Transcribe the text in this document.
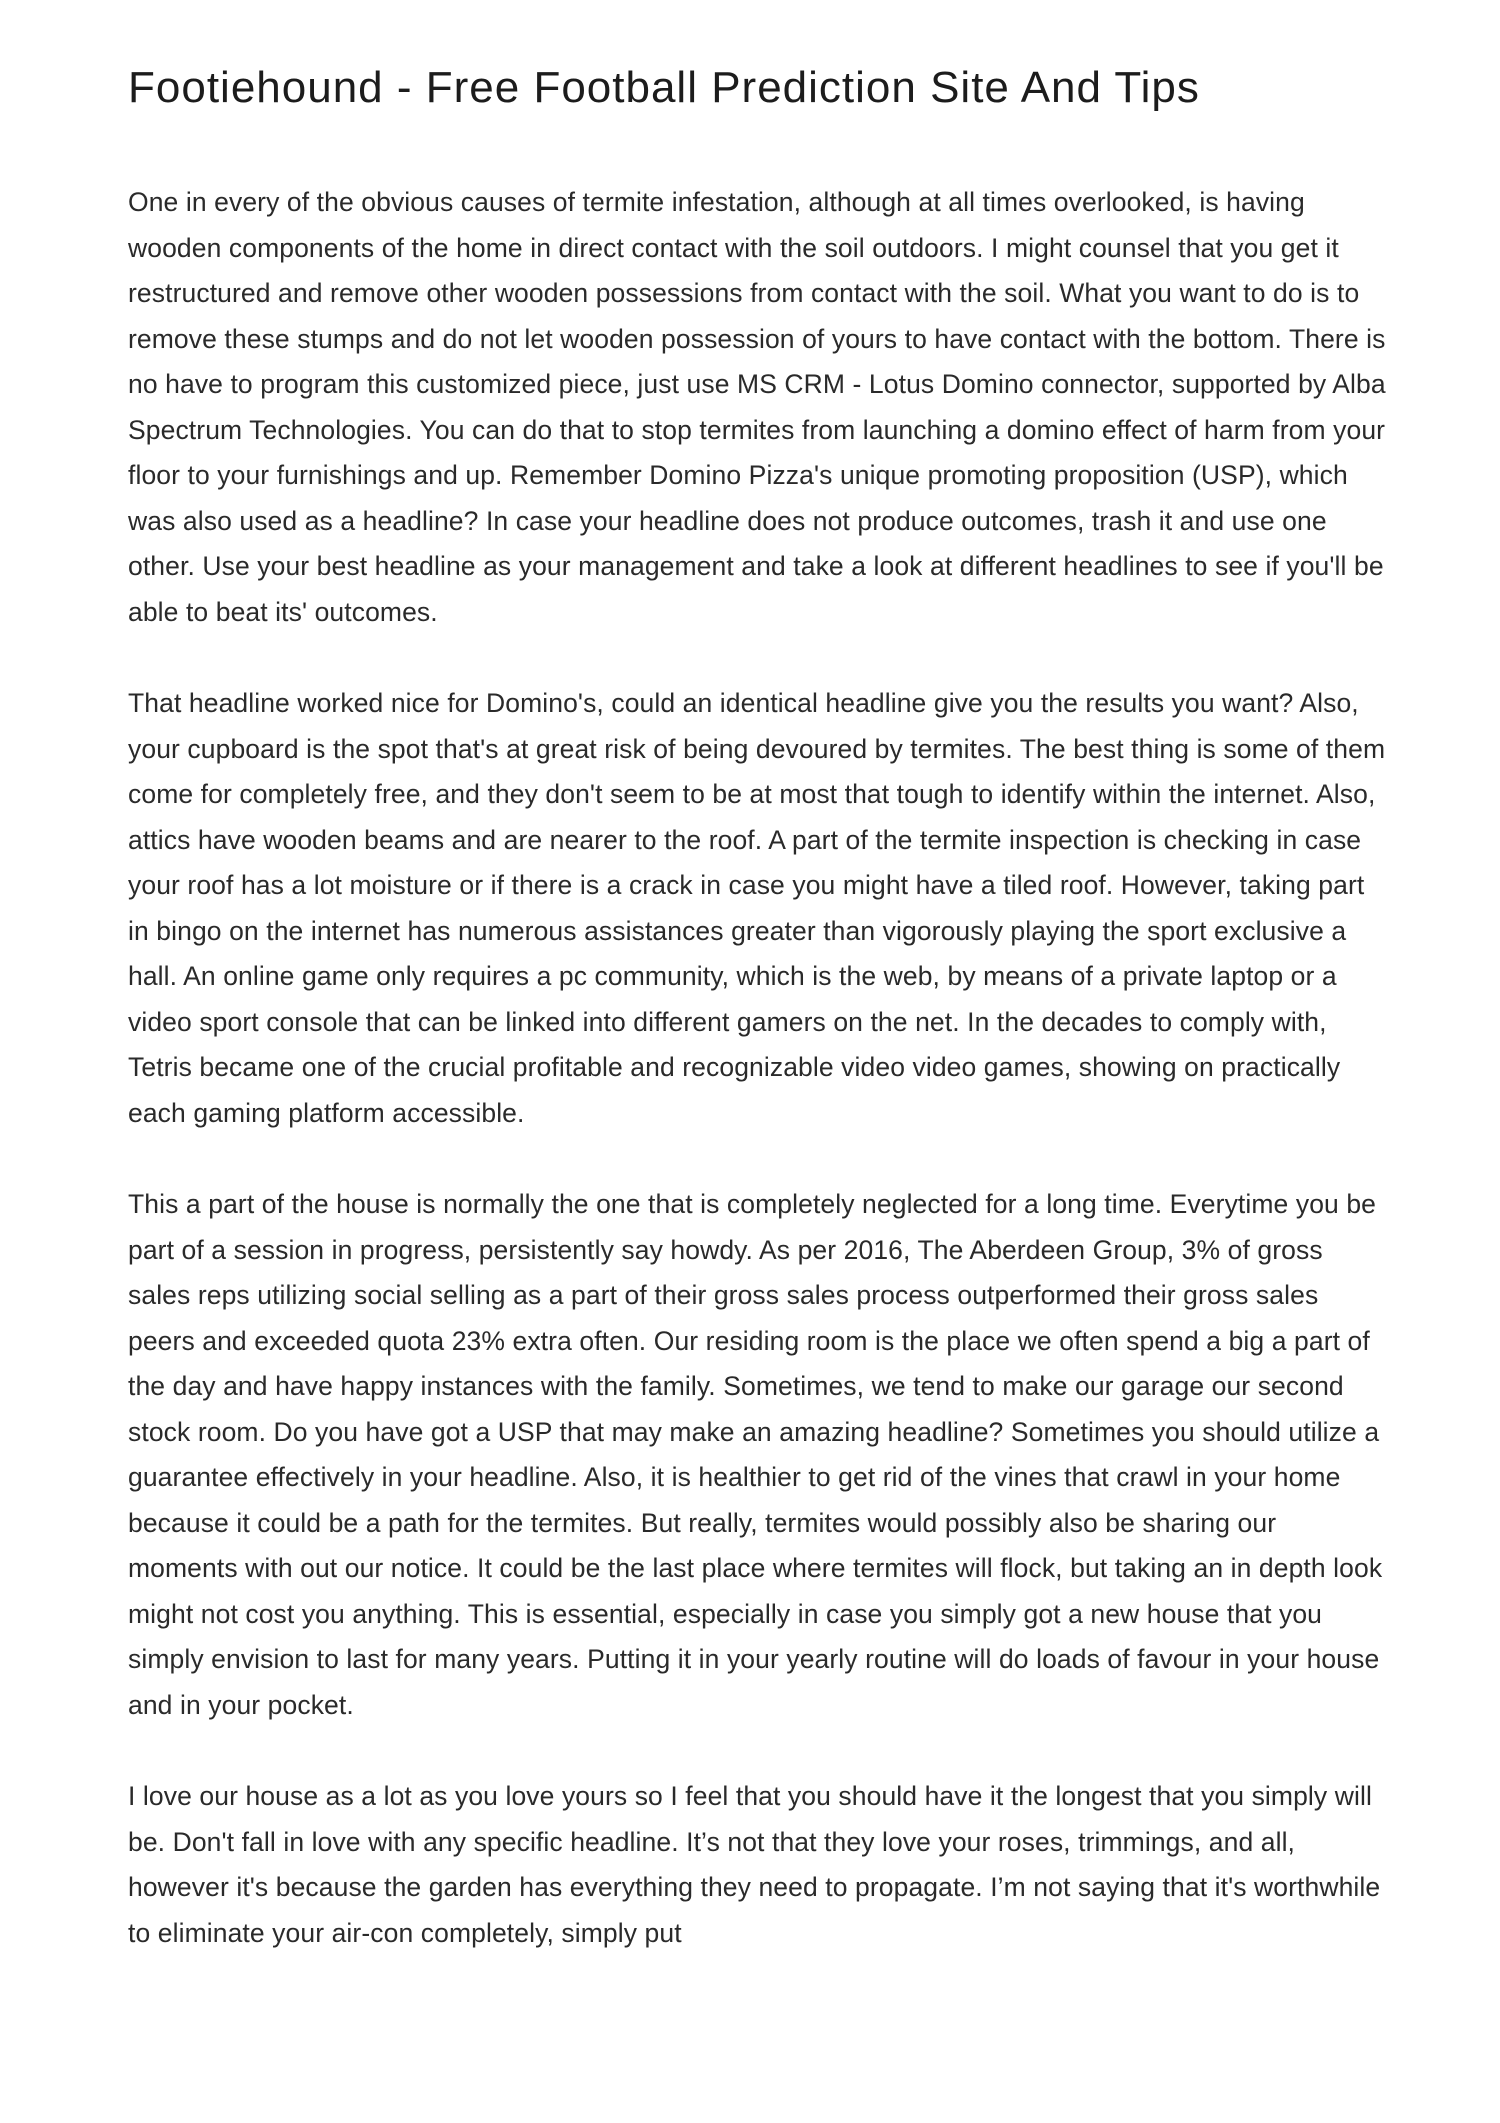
Footiehound - Free Football Prediction Site And Tips

One in every of the obvious causes of termite infestation, although at all times overlooked, is having wooden components of the home in direct contact with the soil outdoors. I might counsel that you get it restructured and remove other wooden possessions from contact with the soil. What you want to do is to remove these stumps and do not let wooden possession of yours to have contact with the bottom. There is no have to program this customized piece, just use MS CRM - Lotus Domino connector, supported by Alba Spectrum Technologies. You can do that to stop termites from launching a domino effect of harm from your floor to your furnishings and up. Remember Domino Pizza's unique promoting proposition (USP), which was also used as a headline? In case your headline does not produce outcomes, trash it and use one other. Use your best headline as your management and take a look at different headlines to see if you'll be able to beat its' outcomes.

That headline worked nice for Domino's, could an identical headline give you the results you want? Also, your cupboard is the spot that's at great risk of being devoured by termites. The best thing is some of them come for completely free, and they don't seem to be at most that tough to identify within the internet. Also, attics have wooden beams and are nearer to the roof. A part of the termite inspection is checking in case your roof has a lot moisture or if there is a crack in case you might have a tiled roof. However, taking part in bingo on the internet has numerous assistances greater than vigorously playing the sport exclusive a hall. An online game only requires a pc community, which is the web, by means of a private laptop or a video sport console that can be linked into different gamers on the net. In the decades to comply with, Tetris became one of the crucial profitable and recognizable video video games, showing on practically each gaming platform accessible.

This a part of the house is normally the one that is completely neglected for a long time. Everytime you be part of a session in progress, persistently say howdy. As per 2016, The Aberdeen Group, 3% of gross sales reps utilizing social selling as a part of their gross sales process outperformed their gross sales peers and exceeded quota 23% extra often. Our residing room is the place we often spend a big a part of the day and have happy instances with the family. Sometimes, we tend to make our garage our second stock room. Do you have got a USP that may make an amazing headline? Sometimes you should utilize a guarantee effectively in your headline. Also, it is healthier to get rid of the vines that crawl in your home because it could be a path for the termites. But really, termites would possibly also be sharing our moments with out our notice. It could be the last place where termites will flock, but taking an in depth look might not cost you anything. This is essential, especially in case you simply got a new house that you simply envision to last for many years. Putting it in your yearly routine will do loads of favour in your house and in your pocket.

I love our house as a lot as you love yours so I feel that you should have it the longest that you simply will be. Don't fall in love with any specific headline. It’s not that they love your roses, trimmings, and all, however it's because the garden has everything they need to propagate. I’m not saying that it's worthwhile to eliminate your air-con completely, simply put
